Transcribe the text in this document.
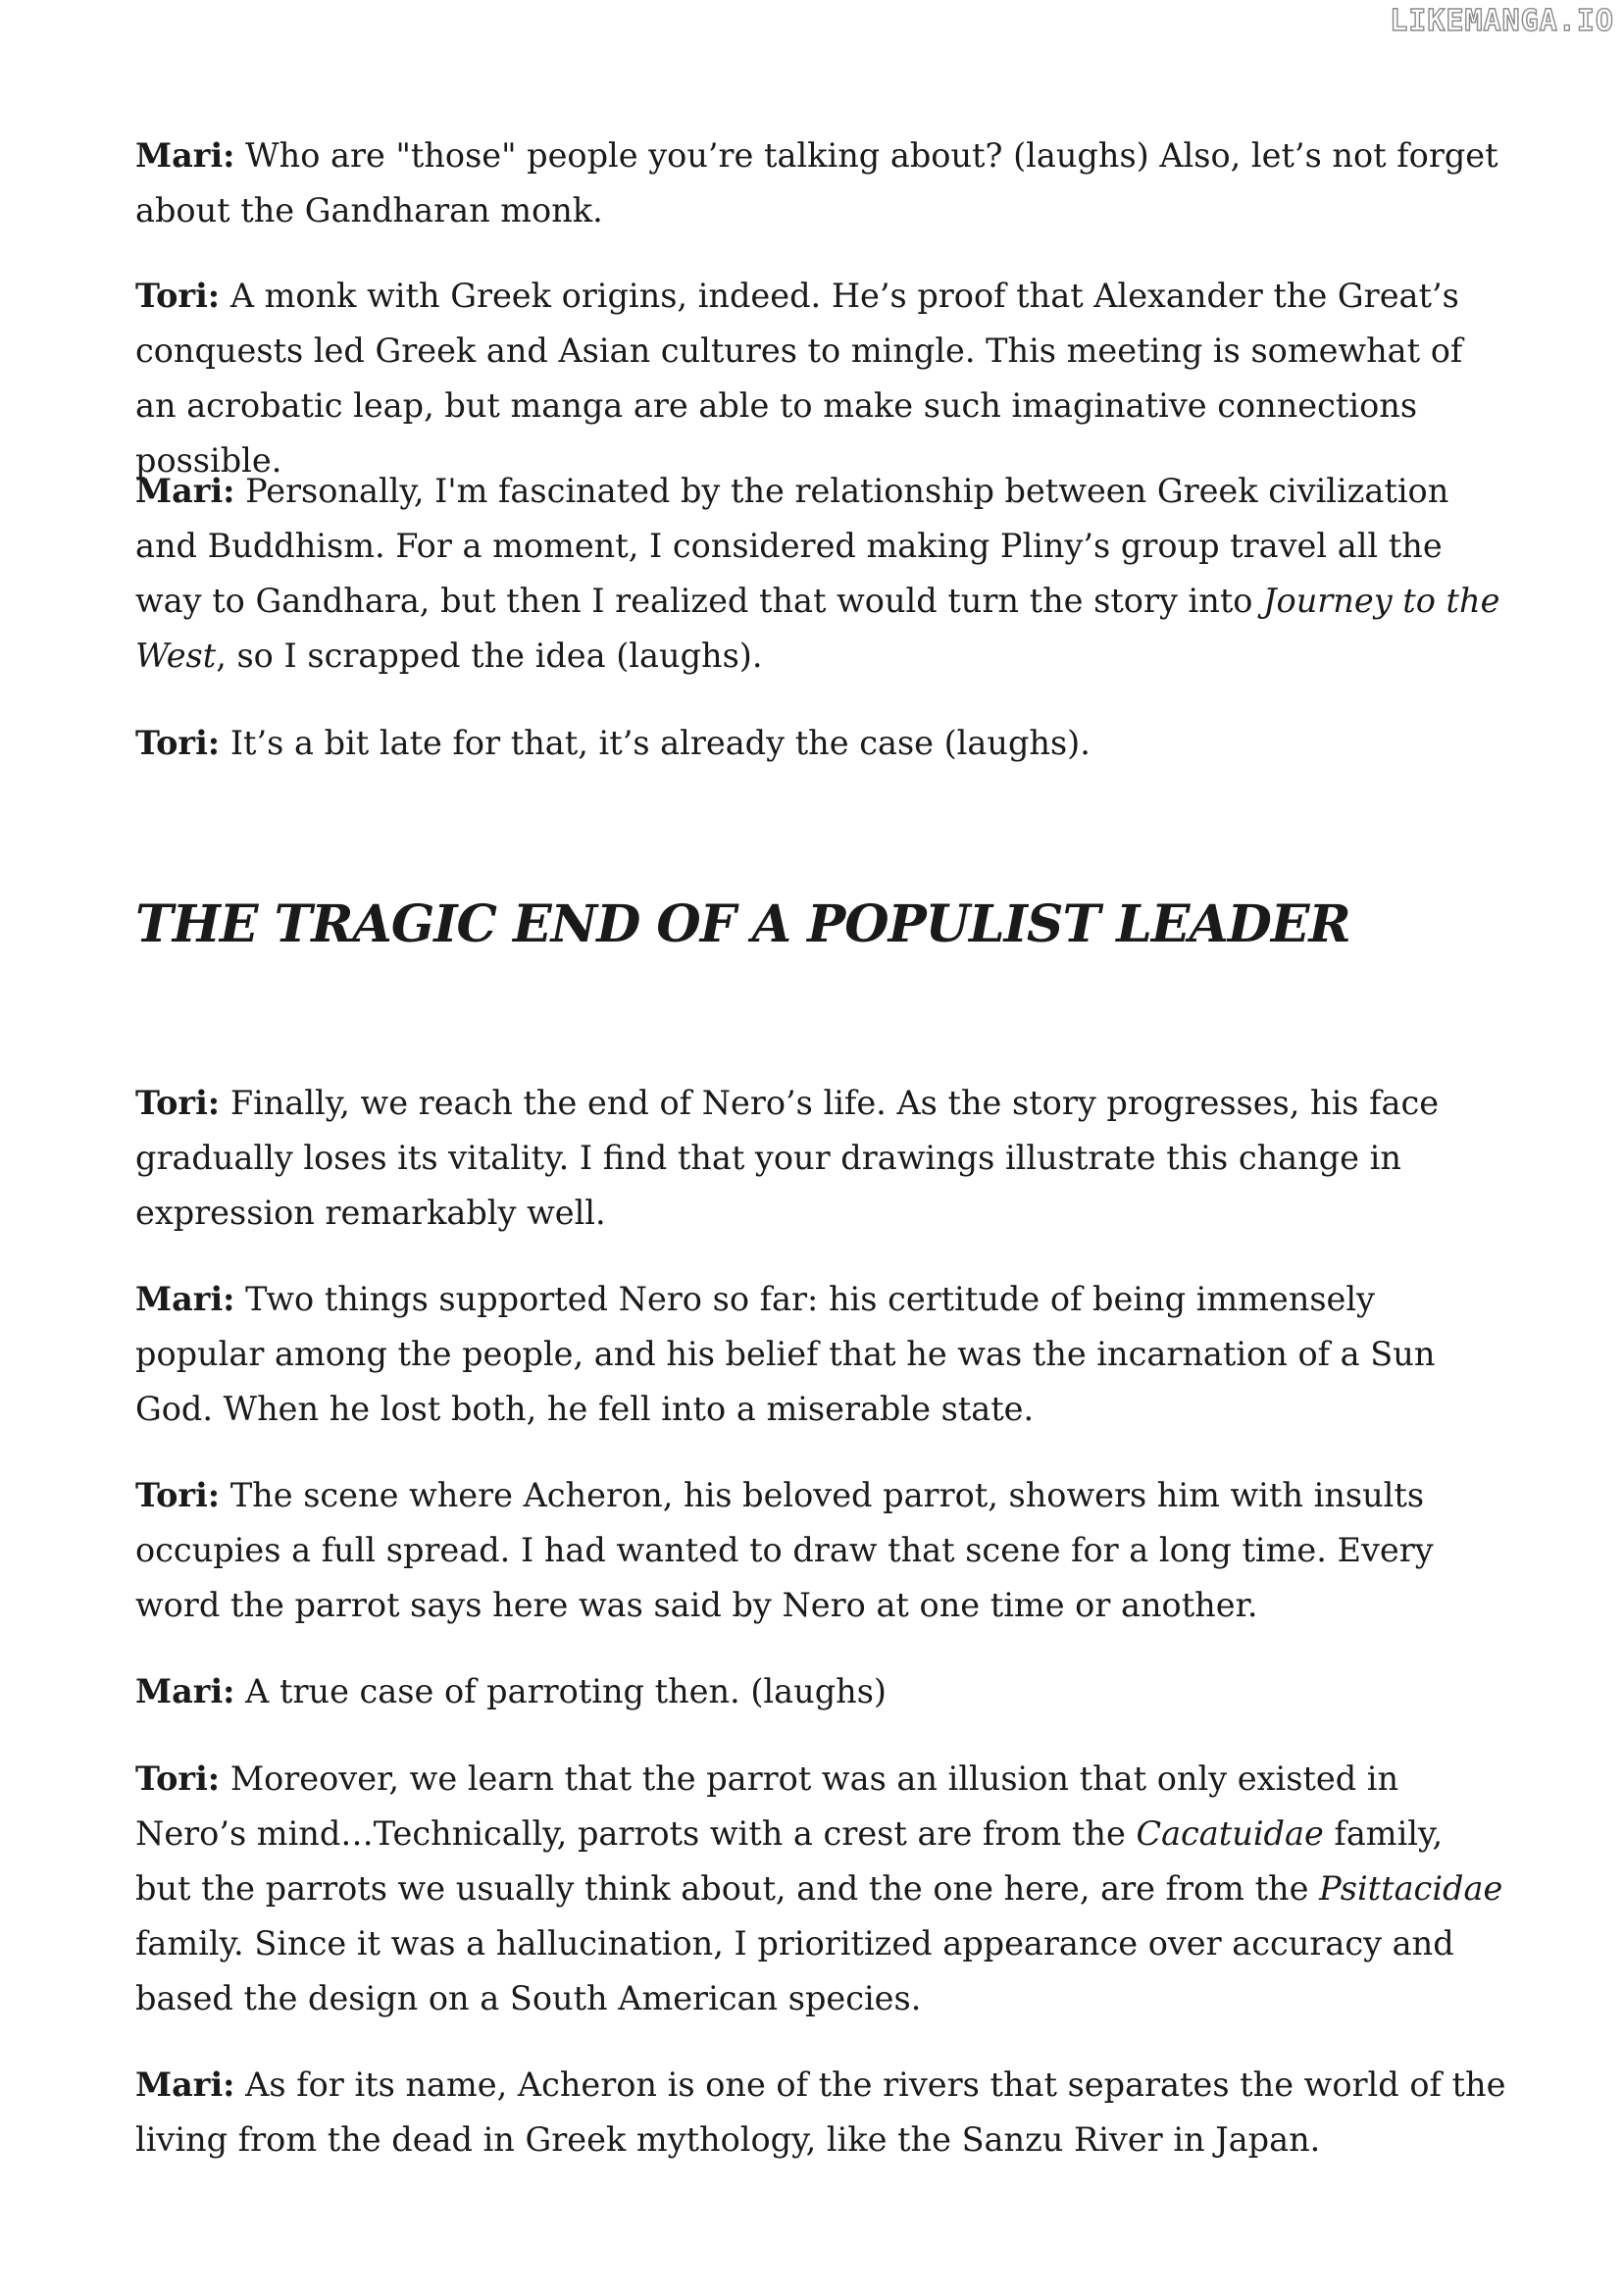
LIKEMANGA.IO

Mari: Who are "those" people you’re talking about? (laughs) Also, let’s not forget about the Gandharan monk.

Tori: A monk with Greek origins, indeed. He’s proof that Alexander the Great’s conquests led Greek and Asian cultures to mingle. This meeting is somewhat of an acrobatic leap, but manga are able to make such imaginative connections possible.

Mari: Personally, I'm fascinated by the relationship between Greek civilization and Buddhism. For a moment, I considered making Pliny’s group travel all the way to Gandhara, but then I realized that would turn the story into Journey to the West, so I scrapped the idea (laughs).

Tori: It’s a bit late for that, it’s already the case (laughs).

THE TRAGIC END OF A POPULIST LEADER

Tori: Finally, we reach the end of Nero’s life. As the story progresses, his face gradually loses its vitality. I find that your drawings illustrate this change in expression remarkably well.

Mari: Two things supported Nero so far: his certitude of being immensely popular among the people, and his belief that he was the incarnation of a Sun God. When he lost both, he fell into a miserable state.

Tori: The scene where Acheron, his beloved parrot, showers him with insults occupies a full spread. I had wanted to draw that scene for a long time. Every word the parrot says here was said by Nero at one time or another.

Mari: A true case of parroting then. (laughs)

Tori: Moreover, we learn that the parrot was an illusion that only existed in Nero’s mind…Technically, parrots with a crest are from the Cacatuidae family, but the parrots we usually think about, and the one here, are from the Psittacidae family. Since it was a hallucination, I prioritized appearance over accuracy and based the design on a South American species.

Mari: As for its name, Acheron is one of the rivers that separates the world of the living from the dead in Greek mythology, like the Sanzu River in Japan.
